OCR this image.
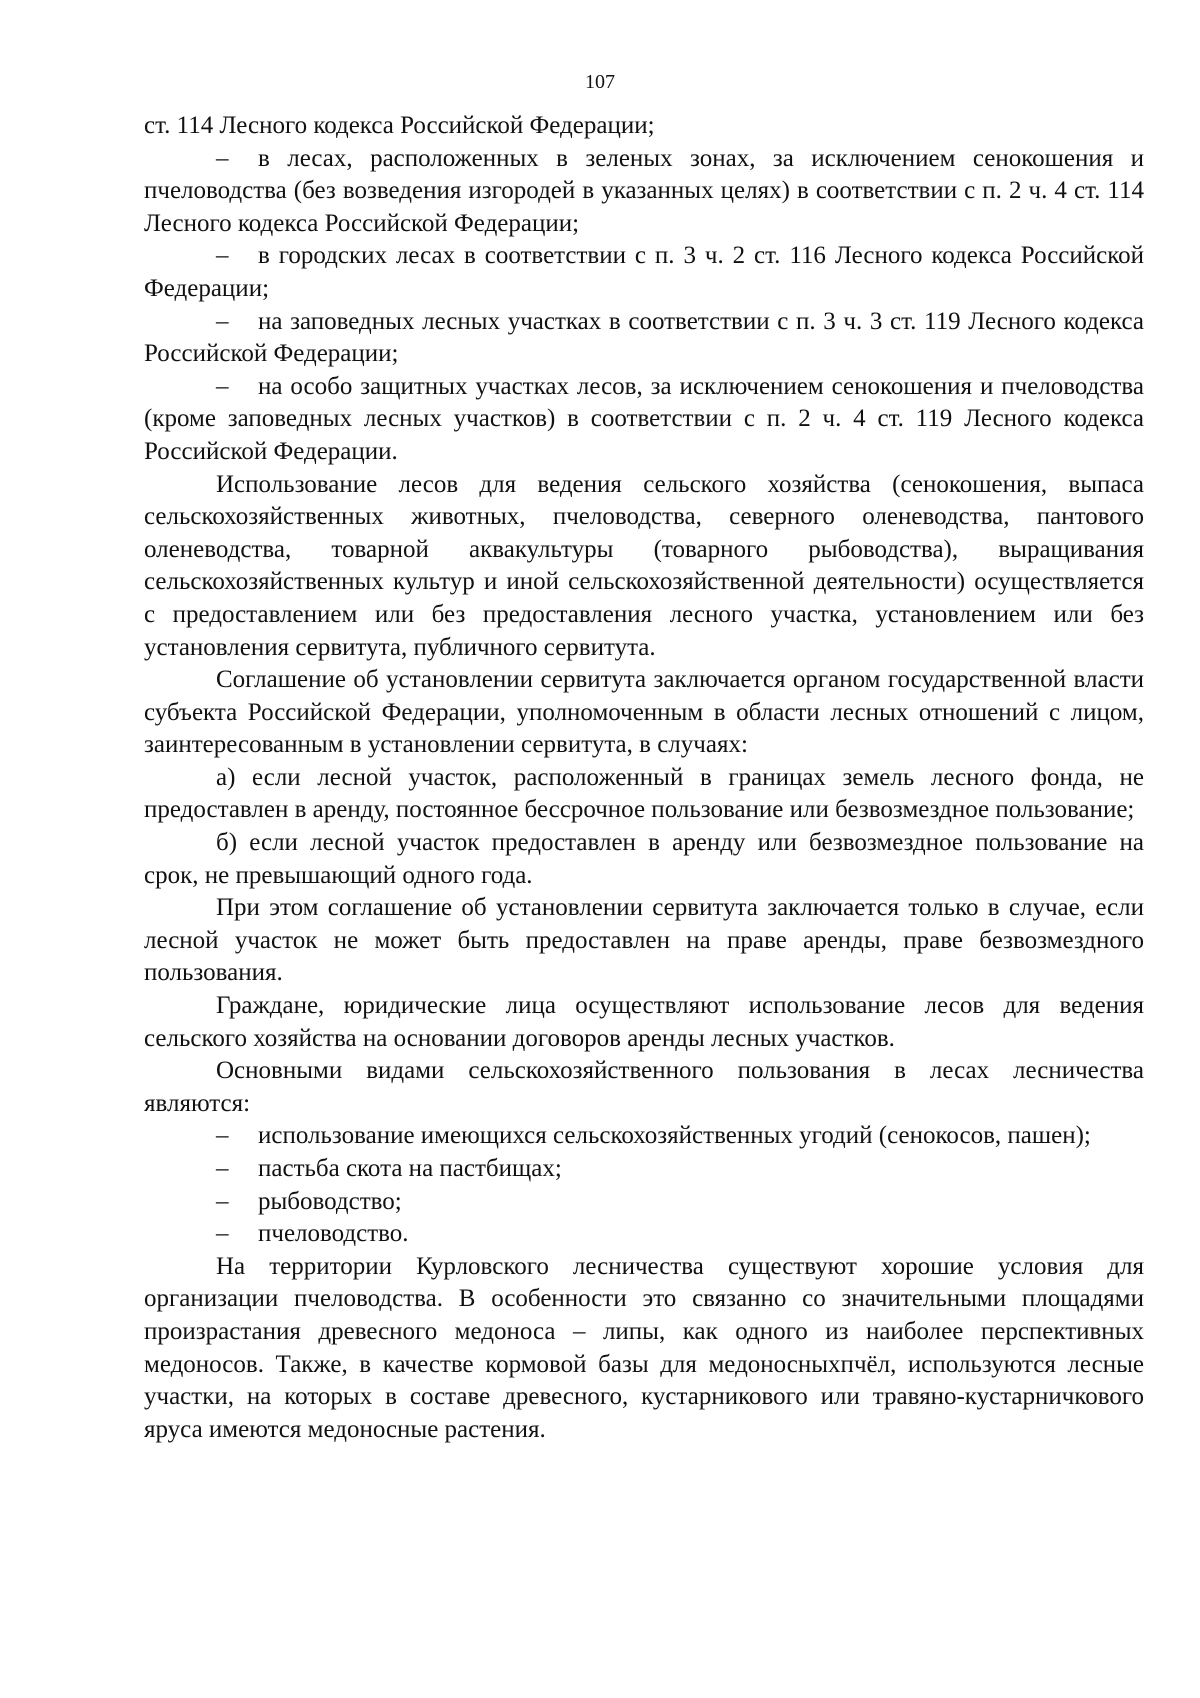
107

ст. 114 Лесного кодекса Российской Федерации;

– в лесах, расположенных в зеленых зонах, за исключением сенокошения и пчеловодства (без возведения изгородей в указанных целях) в соответствии с п. 2 ч. 4 ст. 114 Лесного кодекса Российской Федерации;

– в городских лесах в соответствии с п. 3 ч. 2 ст. 116 Лесного кодекса Российской Федерации;

– на заповедных лесных участках в соответствии с п. 3 ч. 3 ст. 119 Лесного кодекса Российской Федерации;

– на особо защитных участках лесов, за исключением сенокошения и пчеловодства (кроме заповедных лесных участков) в соответствии с п. 2 ч. 4 ст. 119 Лесного кодекса Российской Федерации.

Использование лесов для ведения сельского хозяйства (сенокошения, выпаса сельскохозяйственных животных, пчеловодства, северного оленеводства, пантового оленеводства, товарной аквакультуры (товарного рыбоводства), выращивания сельскохозяйственных культур и иной сельскохозяйственной деятельности) осуществляется с предоставлением или без предоставления лесного участка, установлением или без установления сервитута, публичного сервитута.

Соглашение об установлении сервитута заключается органом государственной власти субъекта Российской Федерации, уполномоченным в области лесных отношений с лицом, заинтересованным в установлении сервитута, в случаях:

а) если лесной участок, расположенный в границах земель лесного фонда, не предоставлен в аренду, постоянное бессрочное пользование или безвозмездное пользование;

б) если лесной участок предоставлен в аренду или безвозмездное пользование на срок, не превышающий одного года.

При этом соглашение об установлении сервитута заключается только в случае, если лесной участок не может быть предоставлен на праве аренды, праве безвозмездного пользования.

Граждане, юридические лица осуществляют использование лесов для ведения сельского хозяйства на основании договоров аренды лесных участков.

Основными видами сельскохозяйственного пользования в лесах лесничества являются:

– использование имеющихся сельскохозяйственных угодий (сенокосов, пашен);

– пастьба скота на пастбищах;

– рыбоводство;

– пчеловодство.

На территории Курловского лесничества существуют хорошие условия для организации пчеловодства. В особенности это связанно со значительными площадями произрастания древесного медоноса – липы, как одного из наиболее перспективных медоносов. Также, в качестве кормовой базы для медоносныхпчёл, используются лесные участки, на которых в составе древесного, кустарникового или травяно-кустарничкового яруса имеются медоносные растения.
